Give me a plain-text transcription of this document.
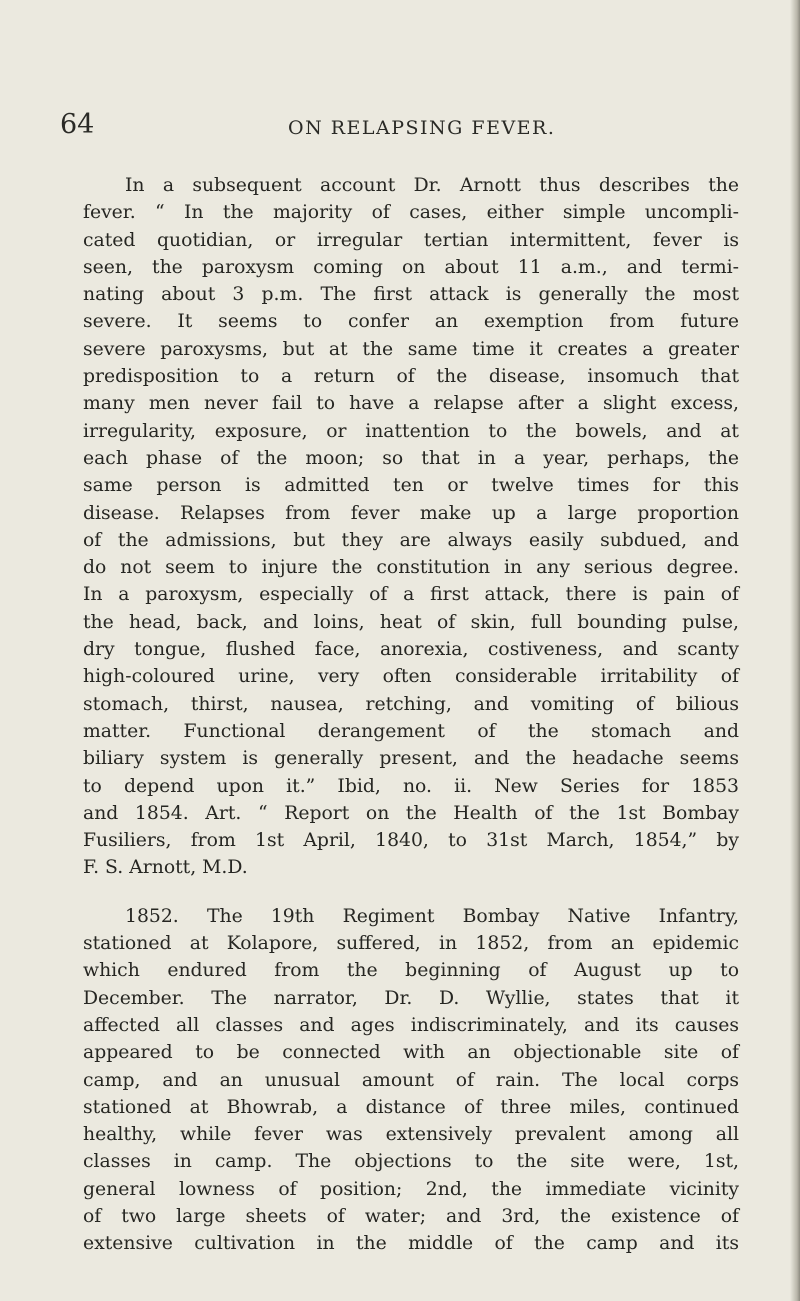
64	ON RELAPSING FEVER.

In a subsequent account Dr. Arnott thus describes the
fever. “ In the majority of cases, either simple uncompli-
cated quotidian, or irregular tertian intermittent, fever is
seen, the paroxysm coming on about 11 a.m., and termi-
nating about 3 p.m. The first attack is generally the most
severe. It seems to confer an exemption from future
severe paroxysms, but at the same time it creates a greater
predisposition to a return of the disease, insomuch that
many men never fail to have a relapse after a slight excess,
irregularity, exposure, or inattention to the bowels, and at
each phase of the moon; so that in a year, perhaps, the
same person is admitted ten or twelve times for this
disease. Relapses from fever make up a large proportion
of the admissions, but they are always easily subdued, and
do not seem to injure the constitution in any serious degree.
In a paroxysm, especially of a first attack, there is pain of
the head, back, and loins, heat of skin, full bounding pulse,
dry tongue, flushed face, anorexia, costiveness, and scanty
high-coloured urine, very often considerable irritability of
stomach, thirst, nausea, retching, and vomiting of bilious
matter. Functional derangement of the stomach and
biliary system is generally present, and the headache seems
to depend upon it.” Ibid, no. ii. New Series for 1853
and 1854. Art. “ Report on the Health of the 1st Bombay
Fusiliers, from 1st April, 1840, to 31st March, 1854,” by
F. S. Arnott, M.D.

1852. The 19th Regiment Bombay Native Infantry,
stationed at Kolapore, suffered, in 1852, from an epidemic
which endured from the beginning of August up to
December. The narrator, Dr. D. Wyllie, states that it
affected all classes and ages indiscriminately, and its causes
appeared to be connected with an objectionable site of
camp, and an unusual amount of rain. The local corps
stationed at Bhowrab, a distance of three miles, continued
healthy, while fever was extensively prevalent among all
classes in camp. The objections to the site were, 1st,
general lowness of position; 2nd, the immediate vicinity
of two large sheets of water; and 3rd, the existence of
extensive cultivation in the middle of the camp and its
